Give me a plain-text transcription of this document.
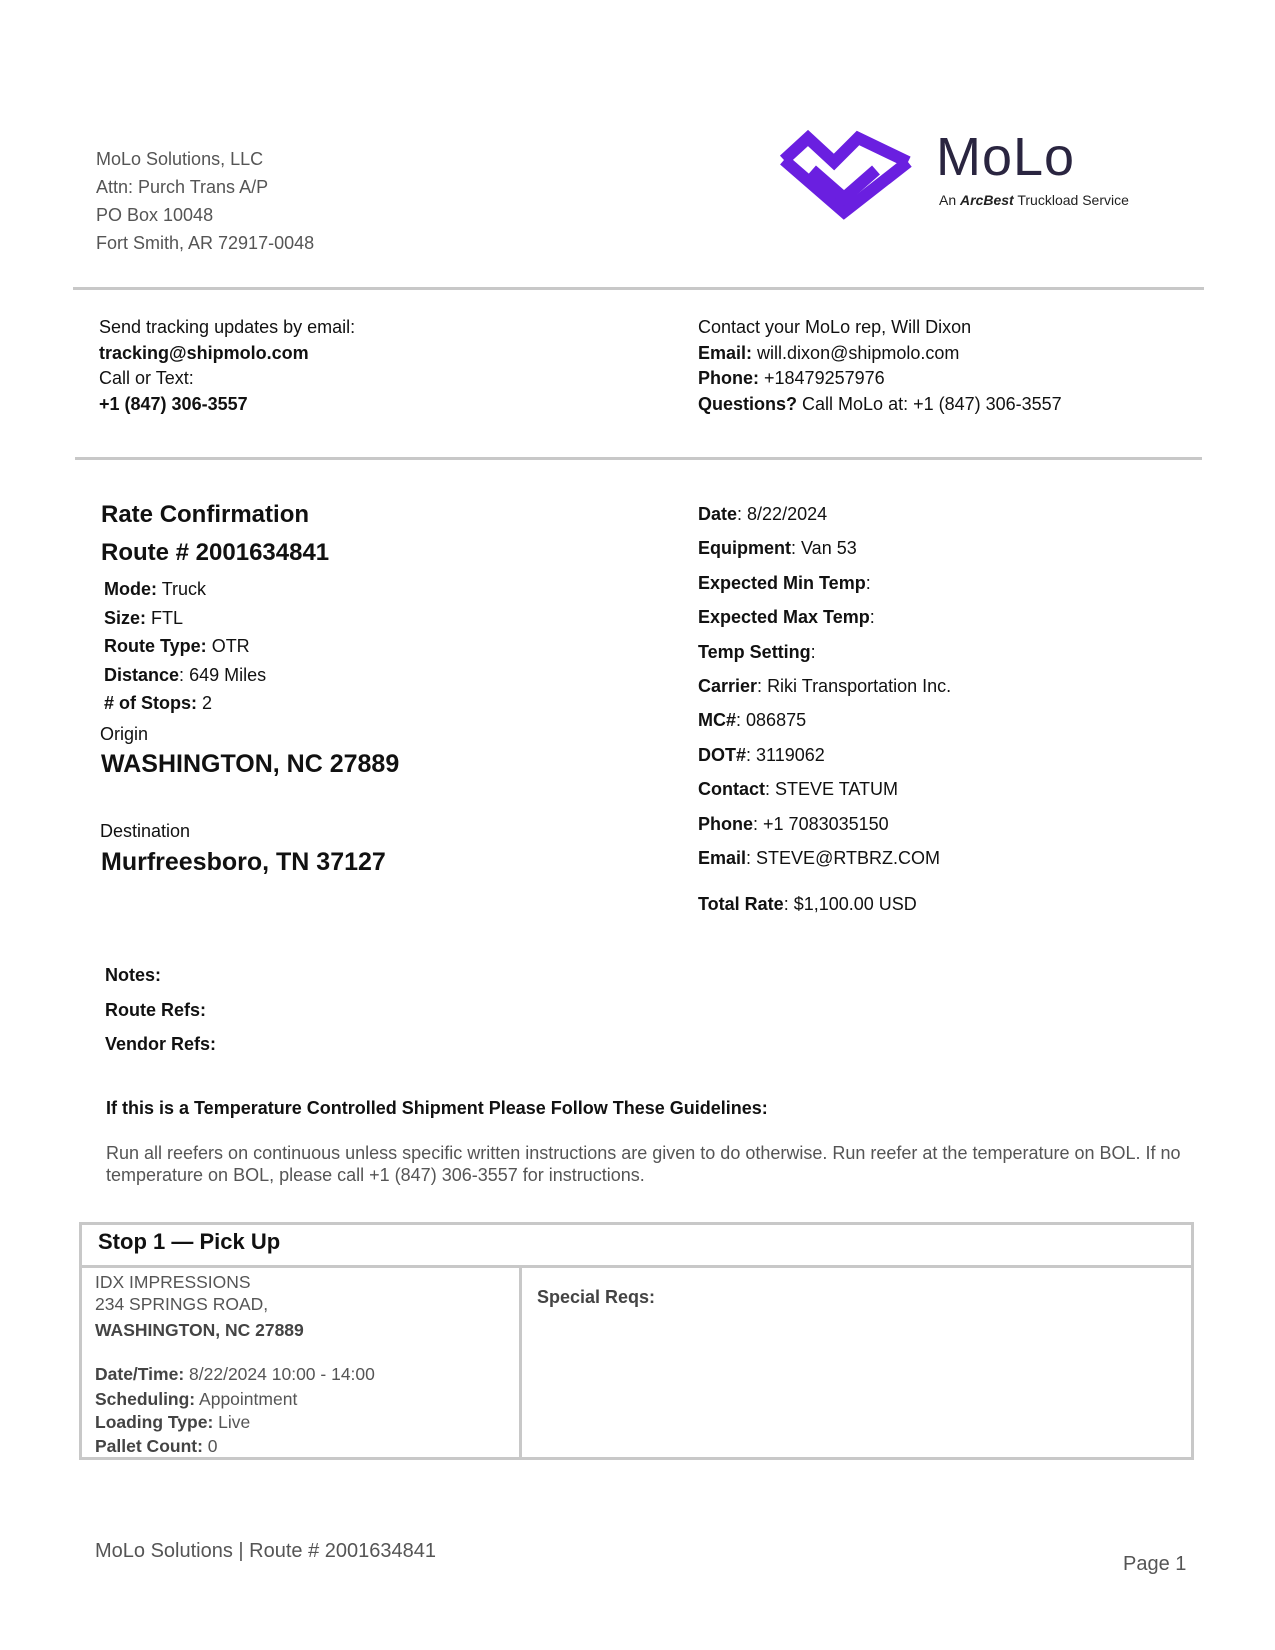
MoLo Solutions, LLC
Attn: Purch Trans A/P
PO Box 10048
Fort Smith, AR 72917-0048
MoLo
An ArcBest Truckload Service
Send tracking updates by email:
tracking@shipmolo.com
Call or Text:
+1 (847) 306-3557
Contact your MoLo rep, Will Dixon
Email: will.dixon@shipmolo.com
Phone: +18479257976
Questions? Call MoLo at: +1 (847) 306-3557
Rate Confirmation
Route # 2001634841
Mode: Truck
Size: FTL
Route Type: OTR
Distance: 649 Miles
# of Stops: 2
Origin
WASHINGTON, NC 27889
Destination
Murfreesboro, TN 37127
Date: 8/22/2024
Equipment: Van 53
Expected Min Temp:
Expected Max Temp:
Temp Setting:
Carrier: Riki Transportation Inc.
MC#: 086875
DOT#: 3119062
Contact: STEVE TATUM
Phone: +1 7083035150
Email: STEVE@RTBRZ.COM
Total Rate: $1,100.00 USD
Notes:
Route Refs:
Vendor Refs:
If this is a Temperature Controlled Shipment Please Follow These Guidelines:
Run all reefers on continuous unless specific written instructions are given to do otherwise. Run reefer at the temperature on BOL. If no temperature on BOL, please call +1 (847) 306-3557 for instructions.
Stop 1 — Pick Up
IDX IMPRESSIONS
234 SPRINGS ROAD,
WASHINGTON, NC 27889
Date/Time: 8/22/2024 10:00 - 14:00
Scheduling: Appointment
Loading Type: Live
Pallet Count: 0
Special Reqs:
MoLo Solutions | Route # 2001634841
Page 1
